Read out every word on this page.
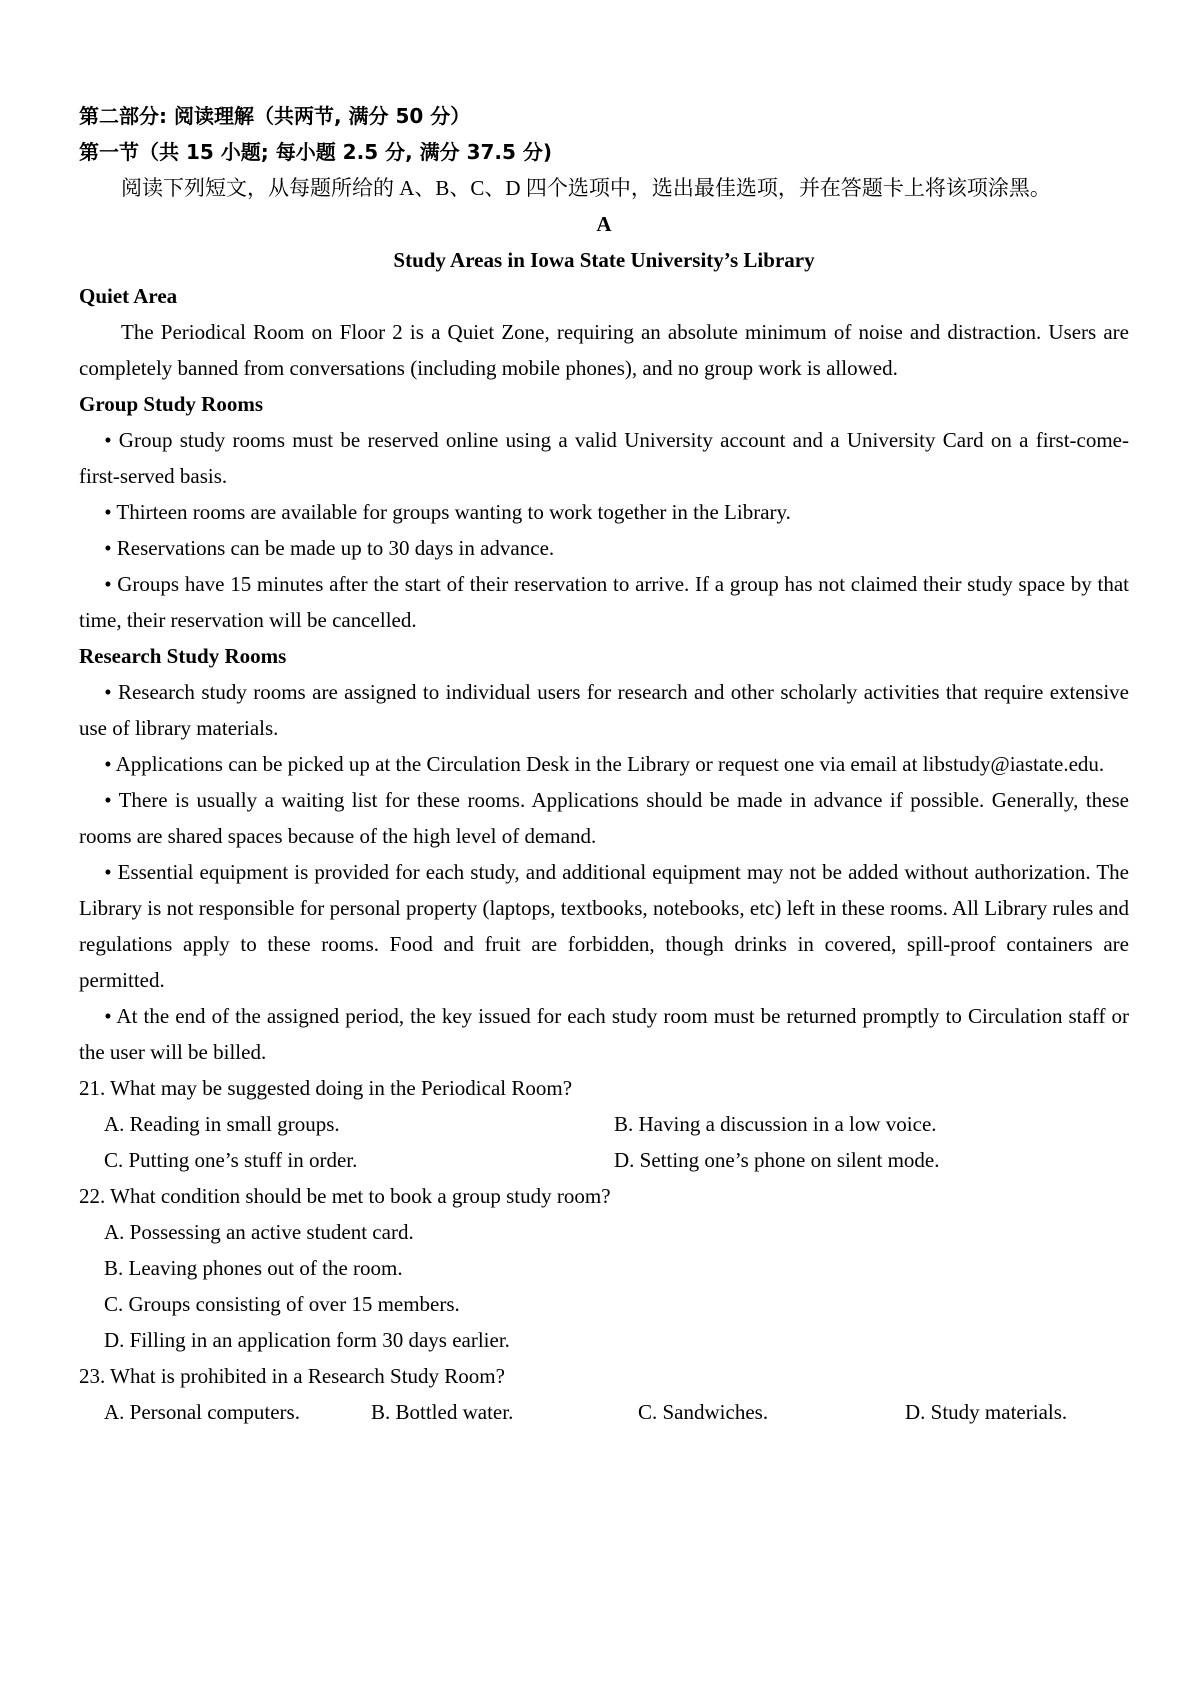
第二部分: 阅读理解（共两节, 满分 50 分）
第一节（共 15 小题; 每小题 2.5 分, 满分 37.5 分)
阅读下列短文，从每题所给的 A、B、C、D 四个选项中，选出最佳选项，并在答题卡上将该项涂黑。
A
Study Areas in Iowa State University’s Library
Quiet Area

The Periodical Room on Floor 2 is a Quiet Zone, requiring an absolute minimum of noise and distraction. Users are completely banned from conversations (including mobile phones), and no group work is allowed.

Group Study Rooms

• Group study rooms must be reserved online using a valid University account and a University Card on a first-come-first-served basis.

• Thirteen rooms are available for groups wanting to work together in the Library.

• Reservations can be made up to 30 days in advance.

• Groups have 15 minutes after the start of their reservation to arrive. If a group has not claimed their study space by that time, their reservation will be cancelled.

Research Study Rooms

• Research study rooms are assigned to individual users for research and other scholarly activities that require extensive use of library materials.

• Applications can be picked up at the Circulation Desk in the Library or request one via email at libstudy@iastate.edu.

• There is usually a waiting list for these rooms. Applications should be made in advance if possible. Generally, these rooms are shared spaces because of the high level of demand.

• Essential equipment is provided for each study, and additional equipment may not be added without authorization. The Library is not responsible for personal property (laptops, textbooks, notebooks, etc) left in these rooms. All Library rules and regulations apply to these rooms. Food and fruit are forbidden, though drinks in covered, spill-proof containers are permitted.

• At the end of the assigned period, the key issued for each study room must be returned promptly to Circulation staff or the user will be billed.

21. What may be suggested doing in the Periodical Room?
A. Reading in small groups.	B. Having a discussion in a low voice.
C. Putting one’s stuff in order.	D. Setting one’s phone on silent mode.
22. What condition should be met to book a group study room?
A. Possessing an active student card.
B. Leaving phones out of the room.
C. Groups consisting of over 15 members.
D. Filling in an application form 30 days earlier.
23. What is prohibited in a Research Study Room?
A. Personal computers.	B. Bottled water.	C. Sandwiches.	D. Study materials.
